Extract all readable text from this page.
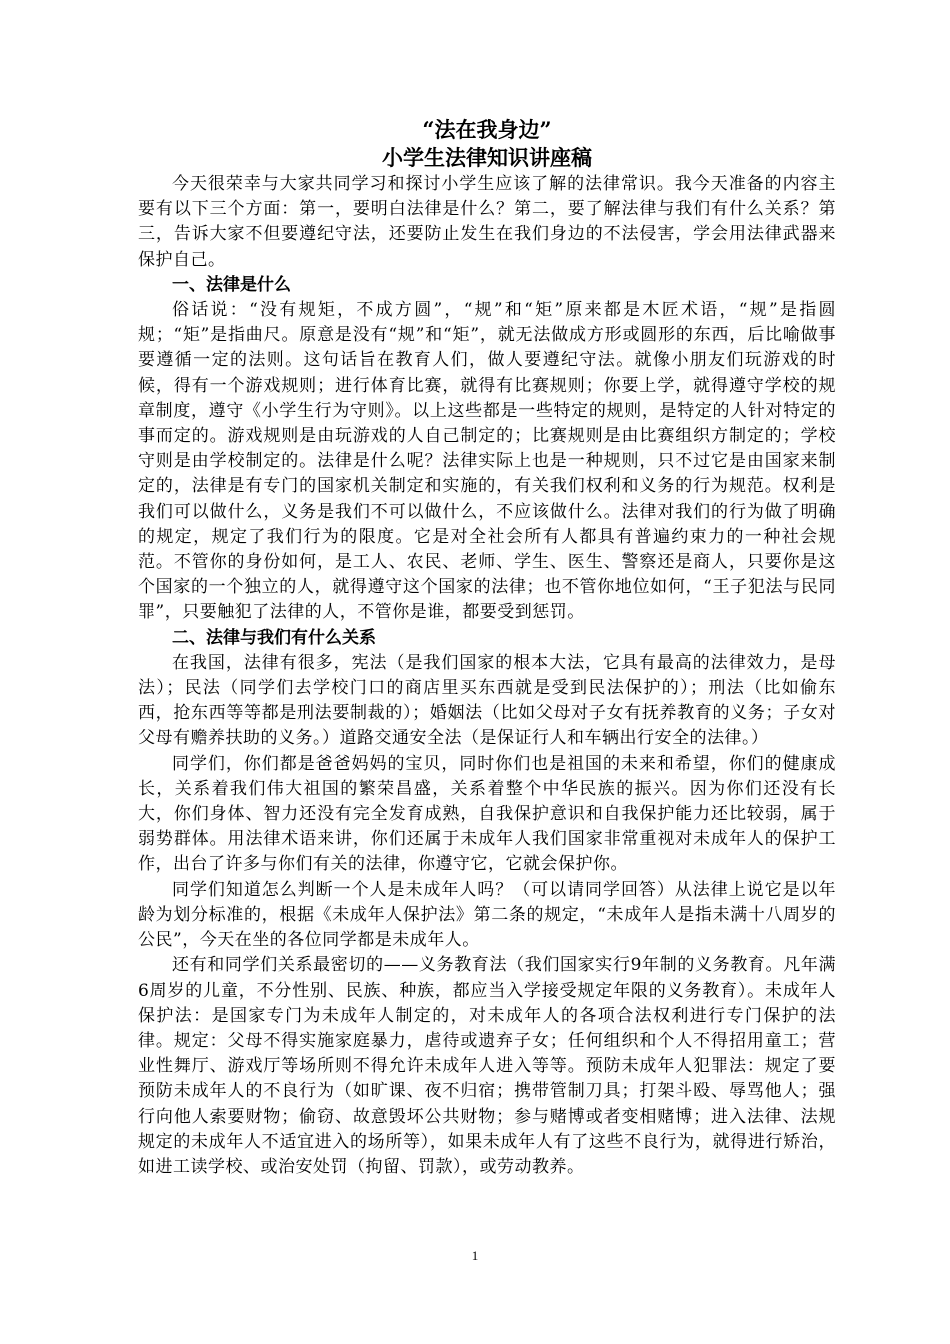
“法在我身边”

小学生法律知识讲座稿

今天很荣幸与大家共同学习和探讨小学生应该了解的法律常识。我今天准备的内容主要有以下三个方面：第一，要明白法律是什么？第二，要了解法律与我们有什么关系？第三，告诉大家不但要遵纪守法，还要防止发生在我们身边的不法侵害，学会用法律武器来保护自己。

一、法律是什么

俗话说：“没有规矩，不成方圆”，“规”和“矩”原来都是木匠术语，“规”是指圆规；“矩”是指曲尺。原意是没有“规”和“矩”，就无法做成方形或圆形的东西，后比喻做事要遵循一定的法则。这句话旨在教育人们，做人要遵纪守法。就像小朋友们玩游戏的时候，得有一个游戏规则；进行体育比赛，就得有比赛规则；你要上学，就得遵守学校的规章制度，遵守《小学生行为守则》。以上这些都是一些特定的规则，是特定的人针对特定的事而定的。游戏规则是由玩游戏的人自己制定的；比赛规则是由比赛组织方制定的；学校守则是由学校制定的。法律是什么呢？法律实际上也是一种规则，只不过它是由国家来制定的，法律是有专门的国家机关制定和实施的，有关我们权利和义务的行为规范。权利是我们可以做什么，义务是我们不可以做什么，不应该做什么。法律对我们的行为做了明确的规定，规定了我们行为的限度。它是对全社会所有人都具有普遍约束力的一种社会规范。不管你的身份如何，是工人、农民、老师、学生、医生、警察还是商人，只要你是这个国家的一个独立的人，就得遵守这个国家的法律；也不管你地位如何，“王子犯法与民同罪”，只要触犯了法律的人，不管你是谁，都要受到惩罚。

二、法律与我们有什么关系

在我国，法律有很多，宪法（是我们国家的根本大法，它具有最高的法律效力，是母法）；民法（同学们去学校门口的商店里买东西就是受到民法保护的）；刑法（比如偷东西，抢东西等等都是刑法要制裁的）；婚姻法（比如父母对子女有抚养教育的义务；子女对父母有赡养扶助的义务。）道路交通安全法（是保证行人和车辆出行安全的法律。）

同学们，你们都是爸爸妈妈的宝贝，同时你们也是祖国的未来和希望，你们的健康成长，关系着我们伟大祖国的繁荣昌盛，关系着整个中华民族的振兴。因为你们还没有长大，你们身体、智力还没有完全发育成熟，自我保护意识和自我保护能力还比较弱，属于弱势群体。用法律术语来讲，你们还属于未成年人我们国家非常重视对未成年人的保护工作，出台了许多与你们有关的法律，你遵守它，它就会保护你。

同学们知道怎么判断一个人是未成年人吗？（可以请同学回答）从法律上说它是以年龄为划分标准的，根据《未成年人保护法》第二条的规定，“未成年人是指未满十八周岁的公民”，今天在坐的各位同学都是未成年人。

还有和同学们关系最密切的——义务教育法（我们国家实行9年制的义务教育。凡年满6周岁的儿童，不分性别、民族、种族，都应当入学接受规定年限的义务教育）。未成年人保护法：是国家专门为未成年人制定的，对未成年人的各项合法权利进行专门保护的法律。规定：父母不得实施家庭暴力，虐待或遗弃子女；任何组织和个人不得招用童工；营业性舞厅、游戏厅等场所则不得允许未成年人进入等等。预防未成年人犯罪法：规定了要预防未成年人的不良行为（如旷课、夜不归宿；携带管制刀具；打架斗殴、辱骂他人；强行向他人索要财物；偷窃、故意毁坏公共财物；参与赌博或者变相赌博；进入法律、法规规定的未成年人不适宜进入的场所等），如果未成年人有了这些不良行为，就得进行矫治，如进工读学校、或治安处罚（拘留、罚款），或劳动教养。

1
